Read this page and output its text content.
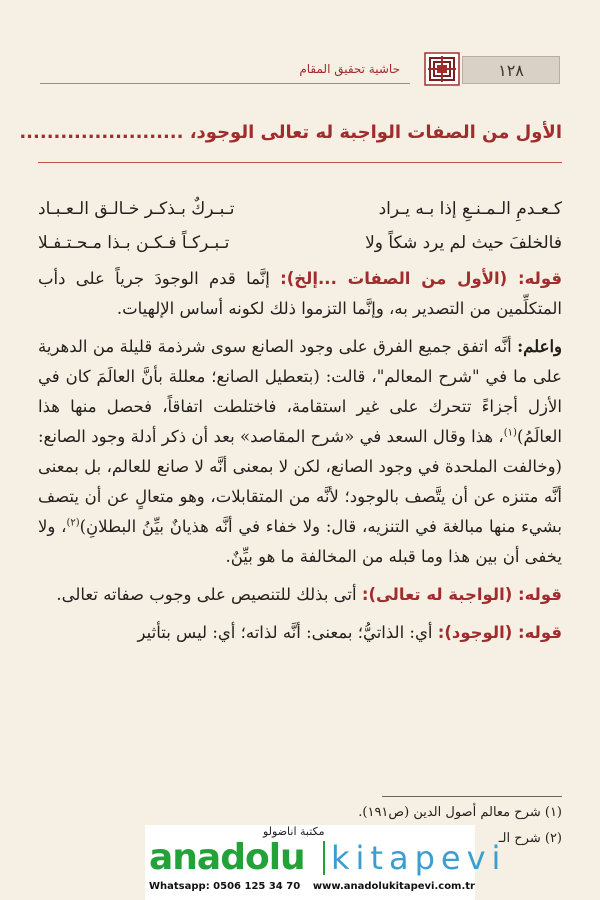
١٢٨
حاشية تحقيق المقام
الأول من الصفات الواجبة له تعالى الوجود، ........................
كـعـدمِ الـمـنـعِ إذا بـه يـراد
تـبـركٌ بـذكـر خـالـق الـعـبـاد
فالخلفَ حيث لم يرد شكاً ولا
تـبـركـاً فـكـن بـذا مـحـتـفـلا

قوله: (الأول من الصفات ...إلخ): إنَّما قدم الوجودَ جرياً على دأب المتكلِّمين من التصدير به، وإنَّما التزموا ذلك لكونه أساس الإلهيات.

واعلم: أنَّه اتفق جميع الفرق على وجود الصانع سوى شرذمة قليلة من الدهرية على ما في "شرح المعالم"، قالت: (بتعطيل الصانع؛ معللة بأنَّ العالَمَ كان في الأزل أجزاءً تتحرك على غير استقامة، فاختلطت اتفاقاً، فحصل منها هذا العالَمُ)$^{(١)}$، هذا وقال السعد في «شرح المقاصد» بعد أن ذكر أدلة وجود الصانع: (وخالفت الملحدة في وجود الصانع، لكن لا بمعنى أنَّه لا صانع للعالم، بل بمعنى أنَّه متنزه عن أن يتَّصف بالوجود؛ لأنَّه من المتقابلات، وهو متعالٍ عن أن يتصف بشيء منها مبالغة في التنزيه، قال: ولا خفاء في أنَّه هذيانٌ بيِّنُ البطلانِ)$^{(٢)}$، ولا يخفى أن بين هذا وما قبله من المخالفة ما هو بيِّنٌ.

قوله: (الواجبة له تعالى): أتى بذلك للتنصيص على وجوب صفاته تعالى.

قوله: (الوجود): أي: الذاتيُّ؛ بمعنى: أنَّه لذاته؛ أي: ليس بتأثير

(١) شرح معالم أصول الدين (ص١٩١).
(٢) شرح الـ
مكتبة اناضولو
anadolu kitapevi
Whatsapp: 0506 125 34 70 www.anadolukitapevi.com.tr
